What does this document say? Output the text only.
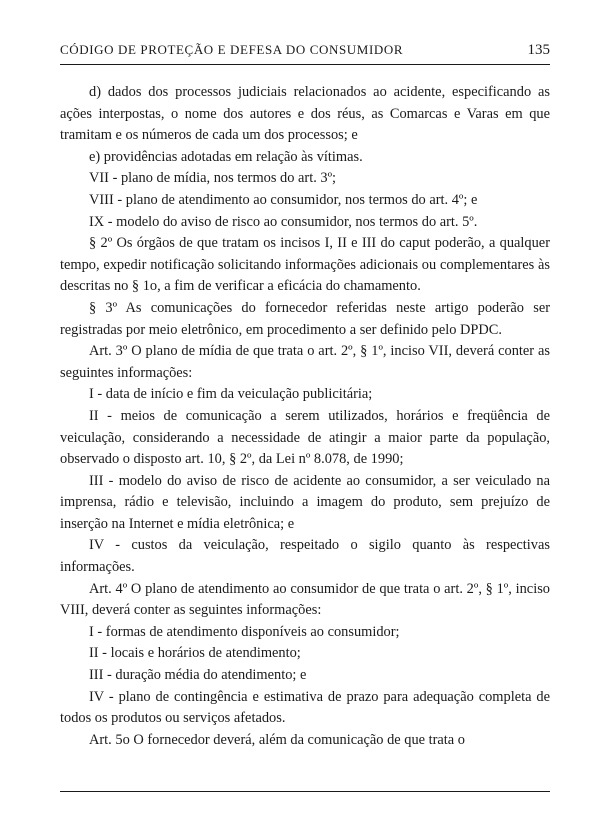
CÓDIGO DE PROTEÇÃO E DEFESA DO CONSUMIDOR	135

d) dados dos processos judiciais relacionados ao acidente, especificando as ações interpostas, o nome dos autores e dos réus, as Comarcas e Varas em que tramitam e os números de cada um dos processos; e

e) providências adotadas em relação às vítimas.

VII - plano de mídia, nos termos do art. 3º;

VIII - plano de atendimento ao consumidor, nos termos do art. 4º; e

IX - modelo do aviso de risco ao consumidor, nos termos do art. 5º.

§ 2º Os órgãos de que tratam os incisos I, II e III do caput poderão, a qualquer tempo, expedir notificação solicitando informações adicionais ou complementares às descritas no § 1o, a fim de verificar a eficácia do chamamento.

§ 3º As comunicações do fornecedor referidas neste artigo poderão ser registradas por meio eletrônico, em procedimento a ser definido pelo DPDC.

Art. 3º O plano de mídia de que trata o art. 2º, § 1º, inciso VII, deverá conter as seguintes informações:

I - data de início e fim da veiculação publicitária;

II - meios de comunicação a serem utilizados, horários e freqüência de veiculação, considerando a necessidade de atingir a maior parte da população, observado o disposto art. 10, § 2º, da Lei nº 8.078, de 1990;

III - modelo do aviso de risco de acidente ao consumidor, a ser veiculado na imprensa, rádio e televisão, incluindo a imagem do produto, sem prejuízo de inserção na Internet e mídia eletrônica; e

IV - custos da veiculação, respeitado o sigilo quanto às respectivas informações.

Art. 4º O plano de atendimento ao consumidor de que trata o art. 2º, § 1º, inciso VIII, deverá conter as seguintes informações:

I - formas de atendimento disponíveis ao consumidor;

II - locais e horários de atendimento;

III - duração média do atendimento; e

IV - plano de contingência e estimativa de prazo para adequação completa de todos os produtos ou serviços afetados.

Art. 5o O fornecedor deverá, além da comunicação de que trata o
